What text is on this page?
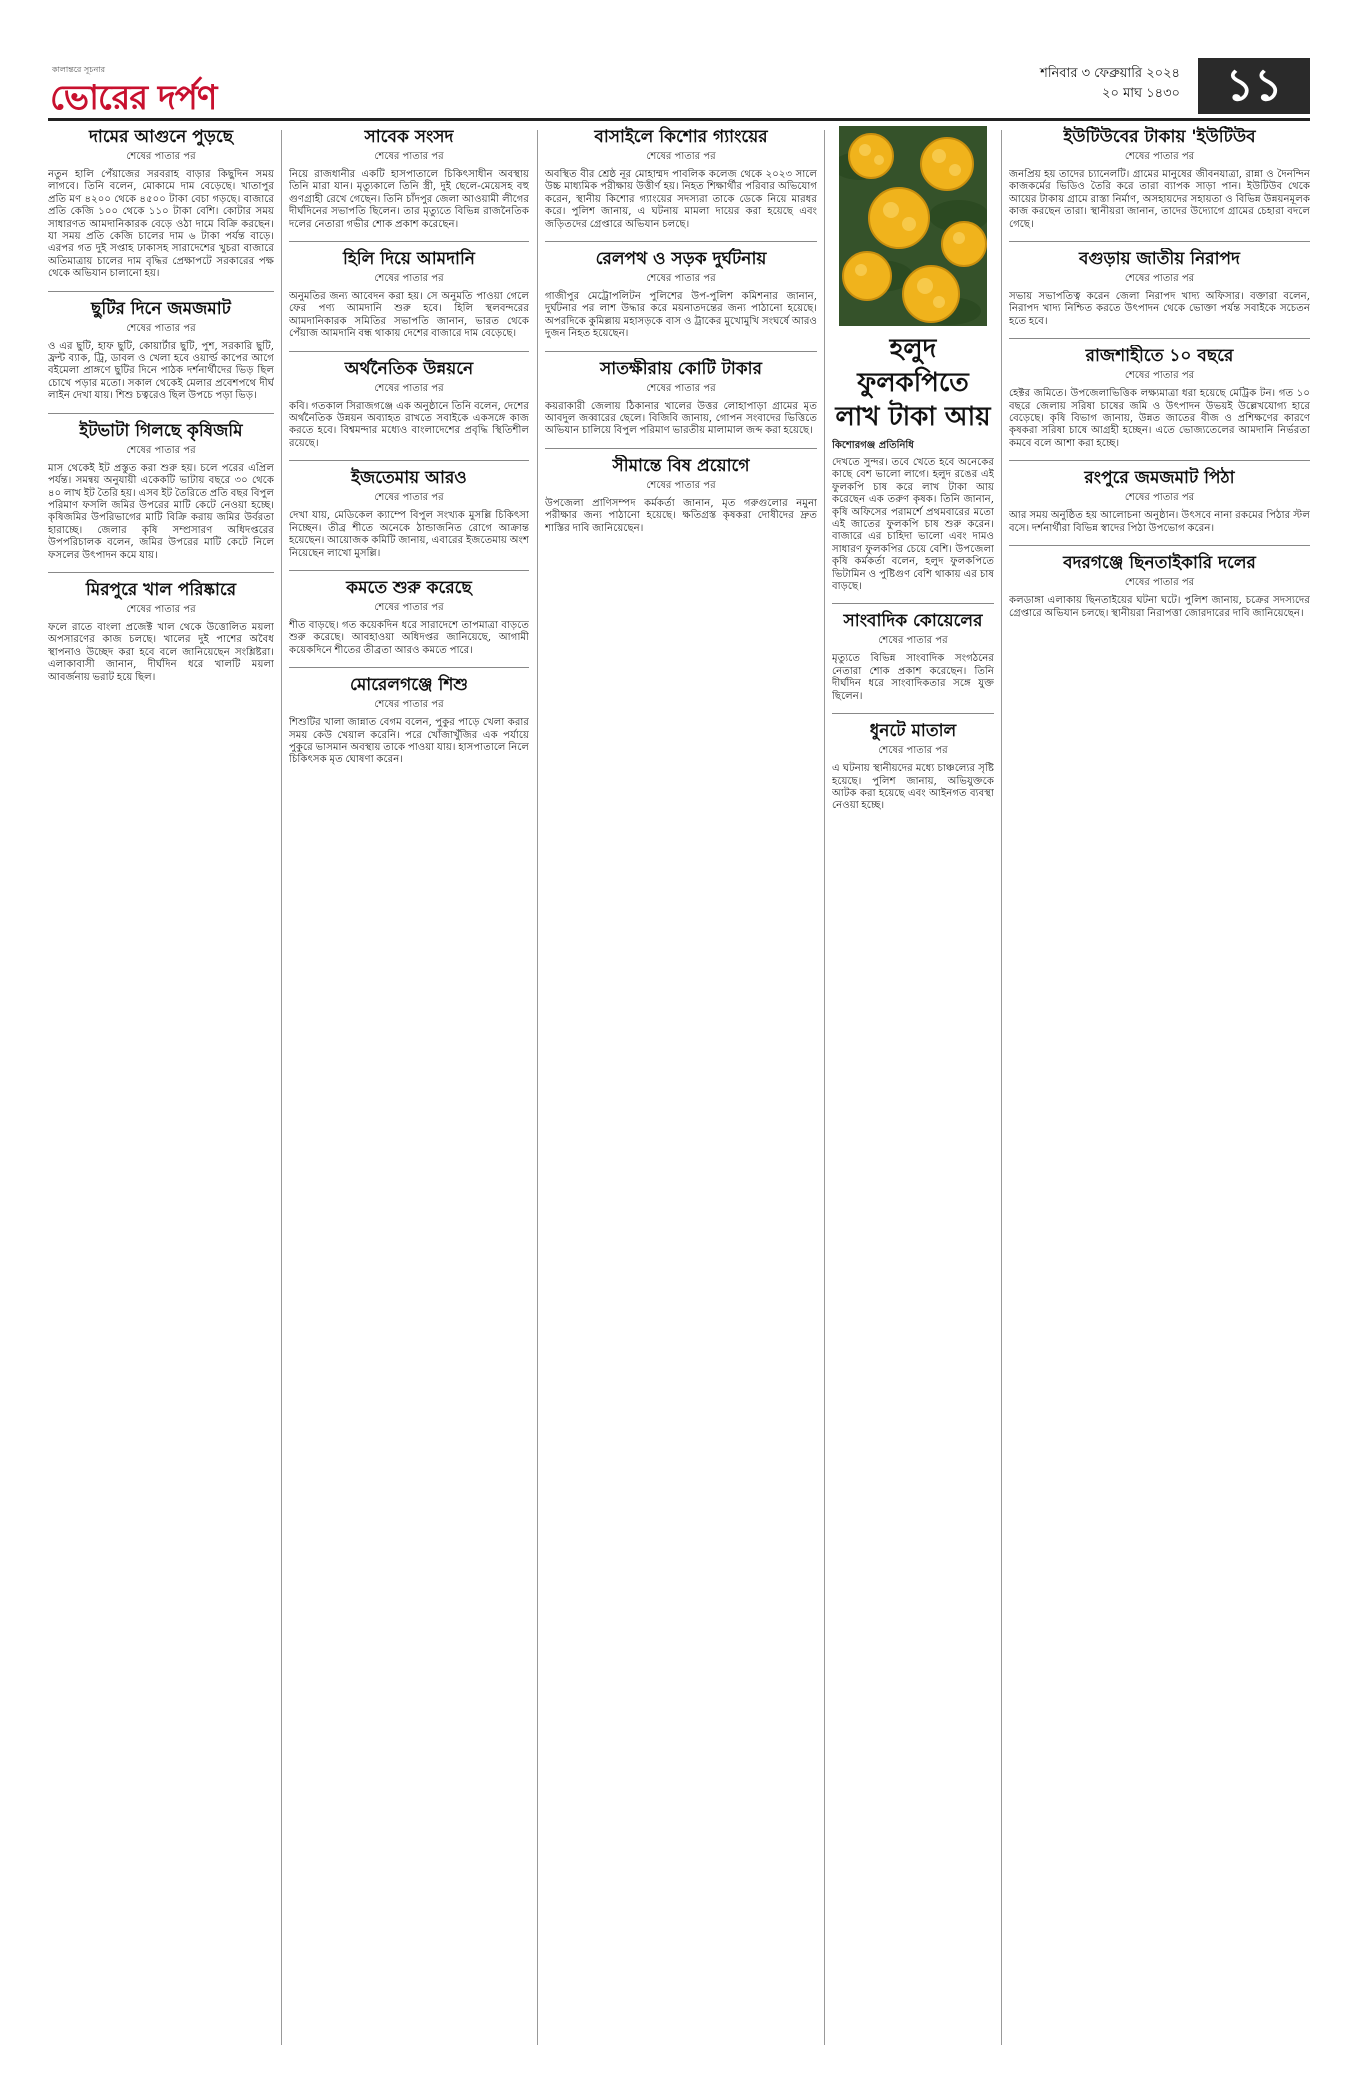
কালান্তরে সূচনার
ভোরের দর্পণ
শনিবার ৩ ফেব্রুয়ারি ২০২৪
২০ মাঘ ১৪৩০	১১
দামের আগুনে পুড়ছে
শেষের পাতার পর
নতুন হালি পেঁয়াজের সরবরাহ বাড়ার কিছুদিন সময় লাগবে। তিনি বলেন, মোকামে দাম বেড়েছে। খাতাপুর প্রতি মণ ৪২০০ থেকে ৪৫০০ টাকা বেচা গড়ছে। বাজারে প্রতি কেজি ১০০ থেকে ১১০ টাকা বেশি। কোটার সময় সাধারণত আমদানিকারক বেড়ে ওঠা দামে বিক্রি করছেন। যা সময় প্রতি কেজি চালের দাম ৬ টাকা পর্যন্ত বাড়ে। এরপর গত দুই সপ্তাহ ঢাকাসহ সারাদেশের খুচরা বাজারে অতিমাত্রায় চালের দাম বৃদ্ধির প্রেক্ষাপটে সরকারের পক্ষ থেকে অভিযান চালানো হয়।
ছুটির দিনে জমজমাট
শেষের পাতার পর
ও এর ছুটি, হাফ ছুটি, কোয়ার্টার ছুটি, পুশ, সরকারি ছুটি, ফ্রন্ট ব্যাক, ট্রি, ডাবল ও খেলা হবে ওয়ার্ল্ড কাপের আগে বইমেলা প্রাঙ্গণে ছুটির দিনে পাঠক দর্শনার্থীদের ভিড় ছিল চোখে পড়ার মতো। সকাল থেকেই মেলার প্রবেশপথে দীর্ঘ লাইন দেখা যায়। শিশু চত্বরেও ছিল উপচে পড়া ভিড়।
ইটভাটা গিলছে কৃষিজমি
শেষের পাতার পর
মাস থেকেই ইট প্রস্তুত করা শুরু হয়। চলে পরের এপ্রিল পর্যন্ত। সমন্বয় অনুযায়ী একেকটি ভাটায় বছরে ৩০ থেকে ৪০ লাখ ইট তৈরি হয়। এসব ইট তৈরিতে প্রতি বছর বিপুল পরিমাণ ফসলি জমির উপরের মাটি কেটে নেওয়া হচ্ছে। কৃষিজমির উপরিভাগের মাটি বিক্রি করায় জমির উর্বরতা হারাচ্ছে। জেলার কৃষি সম্প্রসারণ অধিদপ্তরের উপপরিচালক বলেন, জমির উপরের মাটি কেটে নিলে ফসলের উৎপাদন কমে যায়।
মিরপুরে খাল পরিষ্কারে
শেষের পাতার পর
ফলে রাতে বাংলা প্রজেক্ট খাল থেকে উত্তোলিত ময়লা অপসারণের কাজ চলছে। খালের দুই পাশের অবৈধ স্থাপনাও উচ্ছেদ করা হবে বলে জানিয়েছেন সংশ্লিষ্টরা। এলাকাবাসী জানান, দীর্ঘদিন ধরে খালটি ময়লা আবর্জনায় ভরাট হয়ে ছিল।
সাবেক সংসদ
শেষের পাতার পর
নিয়ে রাজধানীর একটি হাসপাতালে চিকিৎসাধীন অবস্থায় তিনি মারা যান। মৃত্যুকালে তিনি স্ত্রী, দুই ছেলে-মেয়েসহ বহু গুণগ্রাহী রেখে গেছেন। তিনি চাঁদপুর জেলা আওয়ামী লীগের দীর্ঘদিনের সভাপতি ছিলেন। তার মৃত্যুতে বিভিন্ন রাজনৈতিক দলের নেতারা গভীর শোক প্রকাশ করেছেন।
হিলি দিয়ে আমদানি
শেষের পাতার পর
অনুমতির জন্য আবেদন করা হয়। সে অনুমতি পাওয়া গেলে ফের পণ্য আমদানি শুরু হবে। হিলি স্থলবন্দরের আমদানিকারক সমিতির সভাপতি জানান, ভারত থেকে পেঁয়াজ আমদানি বন্ধ থাকায় দেশের বাজারে দাম বেড়েছে।
অর্থনৈতিক উন্নয়নে
শেষের পাতার পর
কবি। গতকাল সিরাজগঞ্জে এক অনুষ্ঠানে তিনি বলেন, দেশের অর্থনৈতিক উন্নয়ন অব্যাহত রাখতে সবাইকে একসঙ্গে কাজ করতে হবে। বিশ্বমন্দার মধ্যেও বাংলাদেশের প্রবৃদ্ধি স্থিতিশীল রয়েছে।
ইজতেমায় আরও
শেষের পাতার পর
দেখা যায়, মেডিকেল ক্যাম্পে বিপুল সংখ্যক মুসল্লি চিকিৎসা নিচ্ছেন। তীব্র শীতে অনেকে ঠান্ডাজনিত রোগে আক্রান্ত হয়েছেন। আয়োজক কমিটি জানায়, এবারের ইজতেমায় অংশ নিয়েছেন লাখো মুসল্লি।
কমতে শুরু করেছে
শেষের পাতার পর
শীত বাড়ছে। গত কয়েকদিন ধরে সারাদেশে তাপমাত্রা বাড়তে শুরু করেছে। আবহাওয়া অধিদপ্তর জানিয়েছে, আগামী কয়েকদিনে শীতের তীব্রতা আরও কমতে পারে।
মোরেলগঞ্জে শিশু
শেষের পাতার পর
শিশুটির খালা জান্নাত বেগম বলেন, পুকুর পাড়ে খেলা করার সময় কেউ খেয়াল করেনি। পরে খোঁজাখুঁজির এক পর্যায়ে পুকুরে ভাসমান অবস্থায় তাকে পাওয়া যায়। হাসপাতালে নিলে চিকিৎসক মৃত ঘোষণা করেন।
বাসাইলে কিশোর গ্যাংয়ের
শেষের পাতার পর
অবস্থিত বীর শ্রেষ্ঠ নূর মোহাম্মদ পাবলিক কলেজ থেকে ২০২৩ সালে উচ্চ মাধ্যমিক পরীক্ষায় উত্তীর্ণ হয়। নিহত শিক্ষার্থীর পরিবার অভিযোগ করেন, স্থানীয় কিশোর গ্যাংয়ের সদস্যরা তাকে ডেকে নিয়ে মারধর করে। পুলিশ জানায়, এ ঘটনায় মামলা দায়ের করা হয়েছে এবং জড়িতদের গ্রেপ্তারে অভিযান চলছে।
রেলপথ ও সড়ক দুর্ঘটনায়
শেষের পাতার পর
গাজীপুর মেট্রোপলিটন পুলিশের উপ-পুলিশ কমিশনার জানান, দুর্ঘটনার পর লাশ উদ্ধার করে ময়নাতদন্তের জন্য পাঠানো হয়েছে। অপরদিকে কুমিল্লায় মহাসড়কে বাস ও ট্রাকের মুখোমুখি সংঘর্ষে আরও দুজন নিহত হয়েছেন।
সাতক্ষীরায় কোটি টাকার
শেষের পাতার পর
কয়রাকারী জেলায় ঠিকানার খালের উত্তর লোহাপাড়া গ্রামের মৃত আবদুল জব্বারের ছেলে। বিজিবি জানায়, গোপন সংবাদের ভিত্তিতে অভিযান চালিয়ে বিপুল পরিমাণ ভারতীয় মালামাল জব্দ করা হয়েছে।
সীমান্তে বিষ প্রয়োগে
শেষের পাতার পর
উপজেলা প্রাণিসম্পদ কর্মকর্তা জানান, মৃত গরুগুলোর নমুনা পরীক্ষার জন্য পাঠানো হয়েছে। ক্ষতিগ্রস্ত কৃষকরা দোষীদের দ্রুত শাস্তির দাবি জানিয়েছেন।
হলুদ ফুলকপিতে লাখ টাকা আয়
কিশোরগঞ্জ প্রতিনিধি
দেখতে সুন্দর। তবে খেতে হবে অনেকের কাছে বেশ ভালো লাগে। হলুদ রঙের এই ফুলকপি চাষ করে লাখ টাকা আয় করেছেন এক তরুণ কৃষক। তিনি জানান, কৃষি অফিসের পরামর্শে প্রথমবারের মতো এই জাতের ফুলকপি চাষ শুরু করেন। বাজারে এর চাহিদা ভালো এবং দামও সাধারণ ফুলকপির চেয়ে বেশি। উপজেলা কৃষি কর্মকর্তা বলেন, হলুদ ফুলকপিতে ভিটামিন ও পুষ্টিগুণ বেশি থাকায় এর চাষ বাড়ছে।
সাংবাদিক কোয়েলের
শেষের পাতার পর
মৃত্যুতে বিভিন্ন সাংবাদিক সংগঠনের নেতারা শোক প্রকাশ করেছেন। তিনি দীর্ঘদিন ধরে সাংবাদিকতার সঙ্গে যুক্ত ছিলেন।
ধুনটে মাতাল
শেষের পাতার পর
এ ঘটনায় স্থানীয়দের মধ্যে চাঞ্চল্যের সৃষ্টি হয়েছে। পুলিশ জানায়, অভিযুক্তকে আটক করা হয়েছে এবং আইনগত ব্যবস্থা নেওয়া হচ্ছে।
ইউটিউবের টাকায় 'ইউটিউব
শেষের পাতার পর
জনপ্রিয় হয় তাদের চ্যানেলটি। গ্রামের মানুষের জীবনযাত্রা, রান্না ও দৈনন্দিন কাজকর্মের ভিডিও তৈরি করে তারা ব্যাপক সাড়া পান। ইউটিউব থেকে আয়ের টাকায় গ্রামে রাস্তা নির্মাণ, অসহায়দের সহায়তা ও বিভিন্ন উন্নয়নমূলক কাজ করছেন তারা। স্থানীয়রা জানান, তাদের উদ্যোগে গ্রামের চেহারা বদলে গেছে।
বগুড়ায় জাতীয় নিরাপদ
শেষের পাতার পর
সভায় সভাপতিত্ব করেন জেলা নিরাপদ খাদ্য অফিসার। বক্তারা বলেন, নিরাপদ খাদ্য নিশ্চিত করতে উৎপাদন থেকে ভোক্তা পর্যন্ত সবাইকে সচেতন হতে হবে।
রাজশাহীতে ১০ বছরে
শেষের পাতার পর
হেক্টর জমিতে। উপজেলাভিত্তিক লক্ষ্যমাত্রা ধরা হয়েছে মেট্রিক টন। গত ১০ বছরে জেলায় সরিষা চাষের জমি ও উৎপাদন উভয়ই উল্লেখযোগ্য হারে বেড়েছে। কৃষি বিভাগ জানায়, উন্নত জাতের বীজ ও প্রশিক্ষণের কারণে কৃষকরা সরিষা চাষে আগ্রহী হচ্ছেন। এতে ভোজ্যতেলের আমদানি নির্ভরতা কমবে বলে আশা করা হচ্ছে।
রংপুরে জমজমাট পিঠা
শেষের পাতার পর
আর সময় অনুষ্ঠিত হয় আলোচনা অনুষ্ঠান। উৎসবে নানা রকমের পিঠার স্টল বসে। দর্শনার্থীরা বিভিন্ন স্বাদের পিঠা উপভোগ করেন।
বদরগঞ্জে ছিনতাইকারি দলের
শেষের পাতার পর
কলডাঙ্গা এলাকায় ছিনতাইয়ের ঘটনা ঘটে। পুলিশ জানায়, চক্রের সদস্যদের গ্রেপ্তারে অভিযান চলছে। স্থানীয়রা নিরাপত্তা জোরদারের দাবি জানিয়েছেন।
